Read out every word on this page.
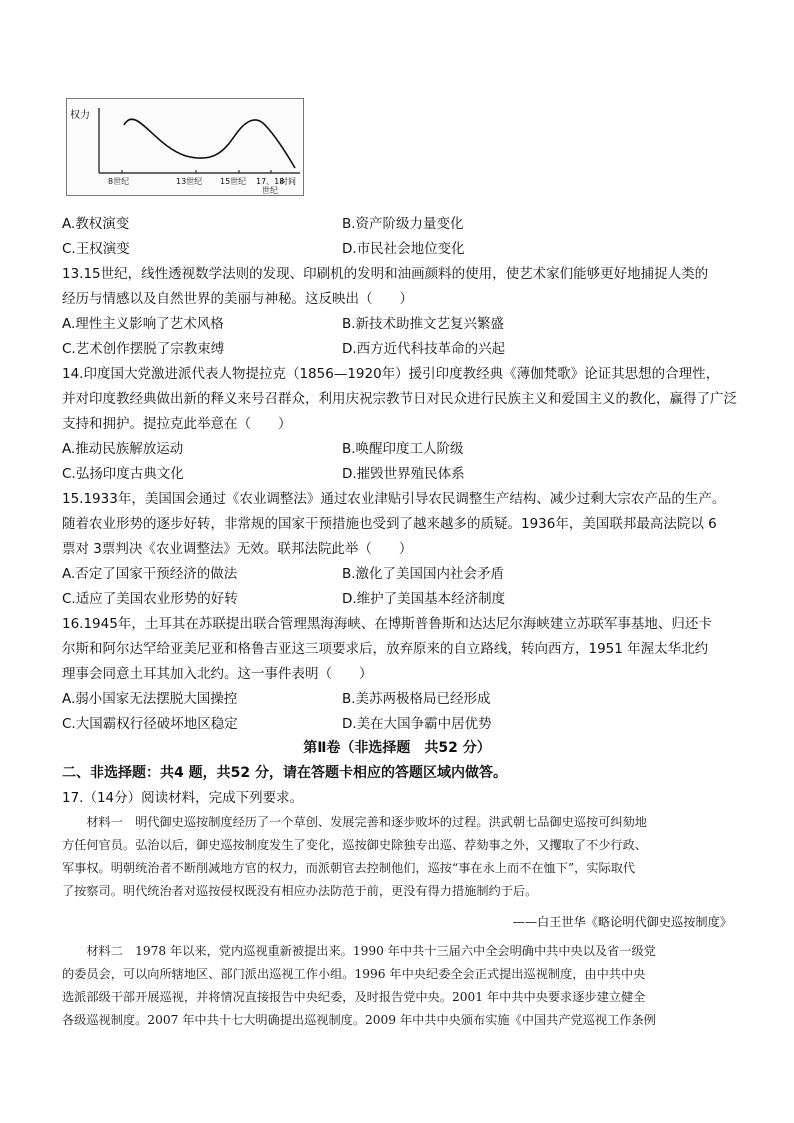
权力
8世纪	13世纪 15世纪 17、18
世纪
时间
A.教权演变	B.资产阶级力量变化
C.王权演变	D.市民社会地位变化
13.15世纪，线性透视数学法则的发现、印刷机的发明和油画颜料的使用，使艺术家们能够更好地捕捉人类的
经历与情感以及自然世界的美丽与神秘。这反映出（　　）
A.理性主义影响了艺术风格	B.新技术助推文艺复兴繁盛
C.艺术创作摆脱了宗教束缚	D.西方近代科技革命的兴起
14.印度国大党激进派代表人物提拉克（1856—1920年）援引印度教经典《薄伽梵歌》论证其思想的合理性，
并对印度教经典做出新的释义来号召群众，利用庆祝宗教节日对民众进行民族主义和爱国主义的教化，赢得了广泛
支持和拥护。提拉克此举意在（　　）
A.推动民族解放运动	B.唤醒印度工人阶级
C.弘扬印度古典文化	D.摧毁世界殖民体系
15.1933年，美国国会通过《农业调整法》通过农业津贴引导农民调整生产结构、减少过剩大宗农产品的生产。
随着农业形势的逐步好转，非常规的国家干预措施也受到了越来越多的质疑。1936年，美国联邦最高法院以 6
票对 3票判决《农业调整法》无效。联邦法院此举（　　）
A.否定了国家干预经济的做法	B.激化了美国国内社会矛盾
C.适应了美国农业形势的好转	D.维护了美国基本经济制度
16.1945年，土耳其在苏联提出联合管理黑海海峡、在博斯普鲁斯和达达尼尔海峡建立苏联军事基地、归还卡
尔斯和阿尔达罕给亚美尼亚和格鲁吉亚这三项要求后，放弃原来的自立路线，转向西方，1951 年渥太华北约
理事会同意土耳其加入北约。这一事件表明（　　）
A.弱小国家无法摆脱大国操控	B.美苏两极格局已经形成
C.大国霸权行径破坏地区稳定	D.美在大国争霸中居优势
第Ⅱ卷（非选择题　共52 分）
二、非选择题：共4 题，共52 分，请在答题卡相应的答题区域内做答。
17.（14分）阅读材料，完成下列要求。
　　材料一　明代御史巡按制度经历了一个草创、发展完善和逐步败坏的过程。洪武朝七品御史巡按可纠劾地
方任何官员。弘治以后，御史巡按制度发生了变化，巡按御史除独专出巡、荐劾事之外，又攫取了不少行政、
军事权。明朝统治者不断削减地方官的权力，而派朝官去控制他们，巡按“事在永上而不在恤下”，实际取代
了按察司。明代统治者对巡按侵权既没有相应办法防范于前，更没有得力措施制约于后。
——白王世华《略论明代御史巡按制度》
　　材料二　1978 年以来，党内巡视重新被提出来。1990 年中共十三届六中全会明确中共中央以及省一级党
的委员会，可以向所辖地区、部门派出巡视工作小组。1996 年中央纪委全会正式提出巡视制度，由中共中央
选派部级干部开展巡视，并将情况直接报告中央纪委，及时报告党中央。2001 年中共中央要求逐步建立健全
各级巡视制度。2007 年中共十七大明确提出巡视制度。2009 年中共中央颁布实施《中国共产党巡视工作条例
